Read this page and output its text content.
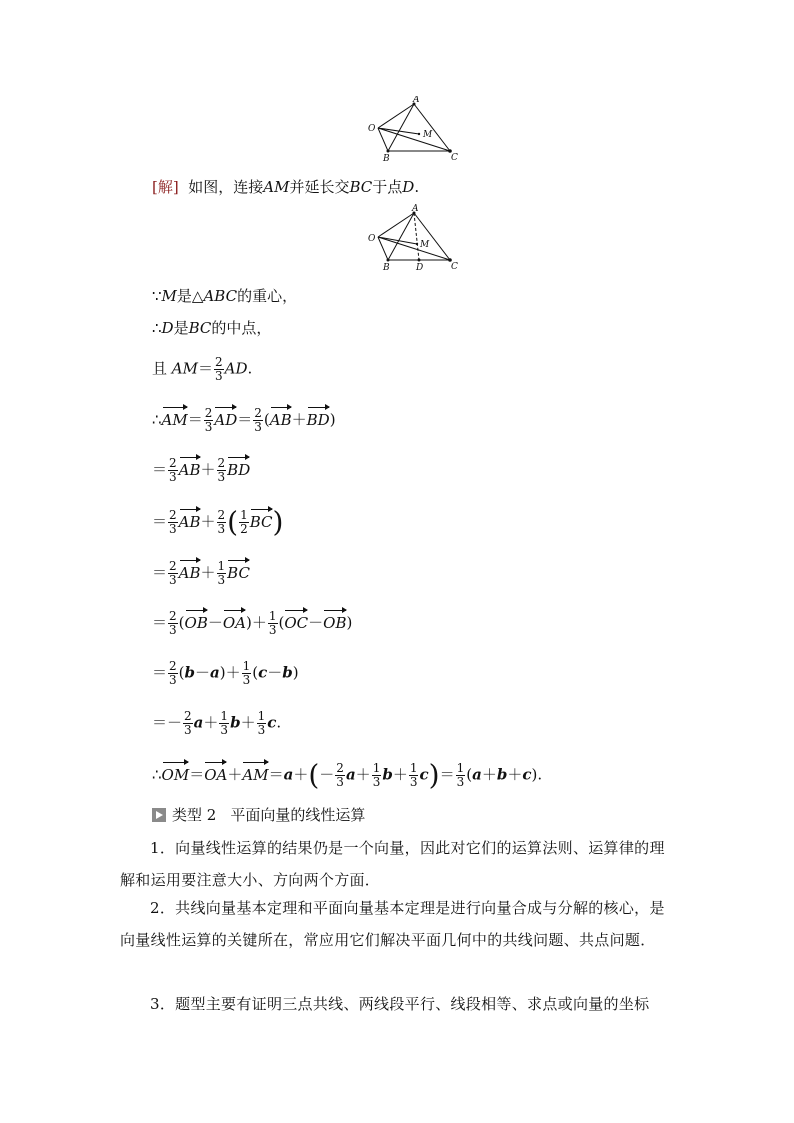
A
O
M
B	C
[解] 如图，连接AM并延长交BC于点D.
A
O
M
B	D	C
∵M是△ABC的重心，
∴D是BC的中点，
且 $AM= \frac{2}{3}$ AD.
∴AM＝ $\frac{2}{3} AD= \frac{2}{3} (AB+BD)$
＝ $\frac{2}{3} AB+ \frac{2}{3}$ BD
＝ $\frac{2}{3} AB+ \frac{2}{3}$ ( $\frac{1}{2} BC$)
＝ $\frac{2}{3} AB+ \frac{1}{3}$ BC
＝ $\frac{2}{3} (OB-OA)+ \frac{1}{3} (OC-OB)$
＝ $\frac{2}{3} (b-a)+ \frac{1}{3} (c-b)$
＝－ $\frac{2}{3} a+ \frac{1}{3} b+ \frac{1}{3} c$.
∴OM＝OA＋AM＝a＋(－ $\frac{2}{3} a+ \frac{1}{3} b+ \frac{1}{3} c)= \frac{1}{3} (a+b+c)$.
类型 2 平面向量的线性运算
1．向量线性运算的结果仍是一个向量，因此对它们的运算法则、运算律的理解和运用要注意大小、方向两个方面．
2．共线向量基本定理和平面向量基本定理是进行向量合成与分解的核心，是向量线性运算的关键所在，常应用它们解决平面几何中的共线问题、共点问题．
3．题型主要有证明三点共线、两线段平行、线段相等、求点或向量的坐标
